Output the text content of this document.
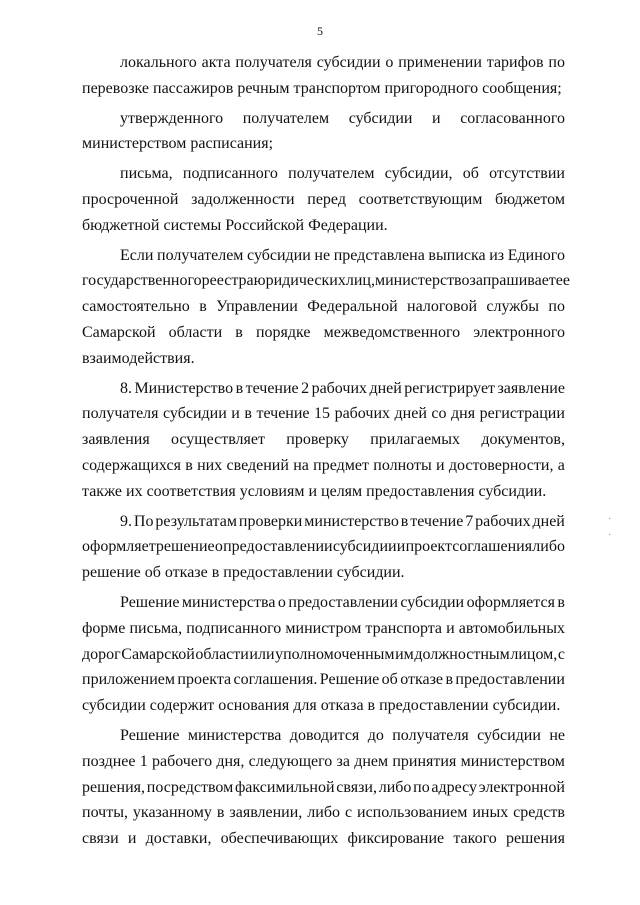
5
локального акта получателя субсидии о применении тарифов по
перевозке пассажиров речным транспортом пригородного сообщения;
утвержденного получателем субсидии и согласованного
министерством расписания;
письма, подписанного получателем субсидии, об отсутствии
просроченной задолженности перед соответствующим бюджетом
бюджетной системы Российской Федерации.
Если получателем субсидии не представлена выписка из Единого
государственного реестра юридических лиц, министерство запрашивает ее
самостоятельно в Управлении Федеральной налоговой службы по
Самарской области в порядке межведомственного электронного
взаимодействия.
8. Министерство в течение 2 рабочих дней регистрирует заявление
получателя субсидии и в течение 15 рабочих дней со дня регистрации
заявления осуществляет проверку прилагаемых документов,
содержащихся в них сведений на предмет полноты и достоверности, а
также их соответствия условиям и целям предоставления субсидии.
9. По результатам проверки министерство в течение 7 рабочих дней
оформляет решение о предоставлении субсидии и проект соглашения либо
решение об отказе в предоставлении субсидии.
Решение министерства о предоставлении субсидии оформляется в
форме письма, подписанного министром транспорта и автомобильных
дорог Самарской области или уполномоченным им должностным лицом, с
приложением проекта соглашения. Решение об отказе в предоставлении
субсидии содержит основания для отказа в предоставлении субсидии.
Решение министерства доводится до получателя субсидии не
позднее 1 рабочего дня, следующего за днем принятия министерством
решения, посредством факсимильной связи, либо по адресу электронной
почты, указанному в заявлении, либо с использованием иных средств
связи и доставки, обеспечивающих фиксирование такого решения
·
·
